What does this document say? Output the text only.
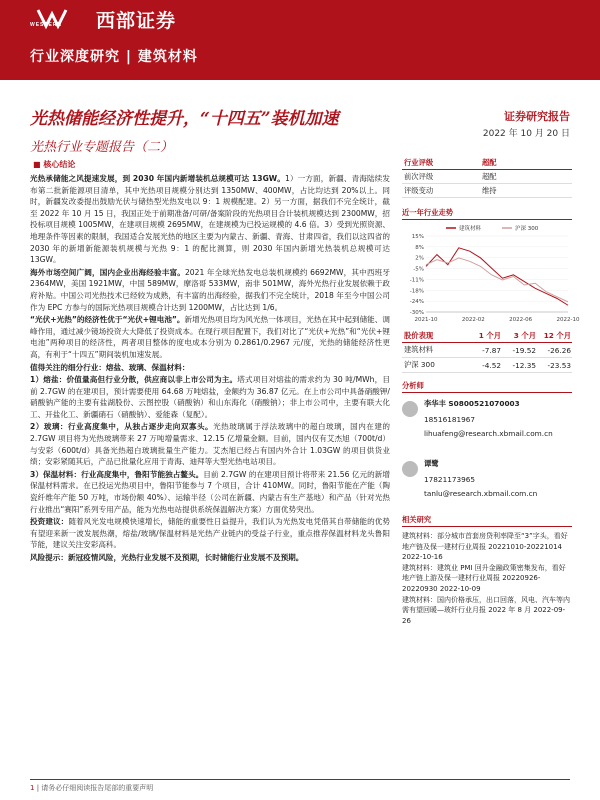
WESTERN 西部证券
行业深度研究 | 建筑材料
光热储能经济性提升，“十四五”装机加速
光热行业专题报告（二）
证券研究报告
2022 年 10 月 20 日
■ 核心结论

光热承储能之风提速发展，到 2030 年国内新增装机总规模可达 13GW。1）一方面，新疆、青海陆续发布第二批新能源项目清单，其中光热项目规模分别达到 1350MW、400MW，占比均达到 20%以上。同时，新疆发改委提出鼓励光伏与储热型光热发电以 9：1 规模配建。2）另一方面，据我们不完全统计，截至 2022 年 10 月 15 日，我国正处于前期准备/可研/备案阶段的光热项目合计装机规模达到 2300MW，招投标项目规模 1005MW，在建项目规模 2695MW，在建规模为已投运规模的 4.6 倍。3）受到光照资源、地理条件等因素的限制，我国适合发展光热的地区主要为内蒙古、新疆、青海、甘肃四省，我们以这四省的 2030 年的新增新能源装机规模与光热 9：1 的配比测算，则 2030 年国内新增光热装机总规模可达 13GW。

海外市场空间广阔，国内企业出海经验丰富。2021 年全球光热发电总装机规模约 6692MW，其中西班牙 2364MW，美国 1921MW，中国 589MW，摩洛哥 533MW，南非 501MW，海外光热行业发展依赖于政府补贴。中国公司光热技术已经较为成熟，有丰富的出海经验，据我们不完全统计，2018 年至今中国公司作为 EPC 方参与的国际光热项目规模合计达到 1200MW，占比达到 1/6。

“光伏+光热”的经济性优于“光伏+锂电池”。新增光热项目均为风光热一体项目，光热在其中起到储能、调峰作用，通过减少镜场投资大大降低了投资成本。在现行项目配置下，我们对比了“光伏+光热”和“光伏+锂电池”两种项目的经济性，两者项目整体的度电成本分别为 0.2861/0.2967 元/度，光热的储能经济性更高，有利于“十四五”期间装机加速发展。

值得关注的细分行业：熔盐、玻璃、保温材料：

1）熔盐：价值量高但行业分散，供应商以非上市公司为主。塔式项目对熔盐的需求约为 30 吨/MWh，目前 2.7GW 的在建项目，预计需要使用 64.68 万吨熔盐，金额约为 36.87 亿元。在上市公司中具备硝酸钾/硝酸钠产能的主要有盐湖股份、云图控股（硝酸钠）和山东海化（硝酸钠）；非上市公司中，主要有联大化工、开盐化工、新疆硝石（硝酸钠）、爱能森（复配）。

2）玻璃：行业高度集中，从独占逐步走向双寡头。光热玻璃属于浮法玻璃中的超白玻璃，国内在建的 2.7GW 项目将为光热玻璃带来 27 万吨增量需求、12.15 亿增量金额。目前，国内仅有艾杰旭（700t/d）与安彩（600t/d）具备光热超白玻璃批量生产能力。艾杰旭已经占有国内外合计 1.03GW 的项目供货业绩；安彩紧随其后，产品已批量化应用于青海、迪拜等大型光热电站项目。

3）保温材料：行业高度集中，鲁阳节能独占鳌头。目前 2.7GW 的在建项目预计将带来 21.56 亿元的新增保温材料需求。在已投运光热项目中，鲁阳节能参与 7 个项目，合计 410MW。同时，鲁阳节能在产能（陶瓷纤维年产能 50 万吨，市场份额 40%）、运输半径（公司在新疆、内蒙古有生产基地）和产品（针对光热行业推出“赛阳”系列专用产品，能为光热电站提供系统保温解决方案）方面优势突出。

投资建议：随着风光发电规模快速增长，储能的重要性日益提升，我们认为光热发电凭借其自带储能的优势有望迎来新一波发展热潮，熔盐/玻璃/保温材料是光热产业链内的受益子行业，重点推荐保温材料龙头鲁阳节能，建议关注安彩高科。

风险提示：新冠疫情风险，光热行业发展不及预期，长时储能行业发展不及预期。

行业评级	超配
前次评级	超配
评级变动	维持
近一年行业走势
15%
8%
2%
-5%
-11%
-18%
-24%
-30%
2021-10	2022-02	2022-06	2022-10
建筑材料	沪深 300
股价表现	1 个月	3 个月	12 个月
建筑材料	-7.87	-19.52	-26.26
沪深 300	-4.52	-12.35	-23.53
分析师
李华丰 S0800521070003
18516181967
lihuafeng@research.xbmail.com.cn
谭鹭
17821173965
tanlu@research.xbmail.com.cn
相关研究
建筑材料：部分城市首套房贷利率降至“3”字头，看好地产链及保一建材行业周报 20221010-20221014 2022-10-16
建筑材料：建筑业 PMI 回升金融政策密集发布，看好地产链上游及保一建材行业周报 20220926-20220930 2022-10-09
建筑材料：国内价格承压，出口回落，风电、汽车等内需有望回暖—玻纤行业月报 2022 年 8 月 2022-09-26
1 | 请务必仔细阅读报告尾部的重要声明
